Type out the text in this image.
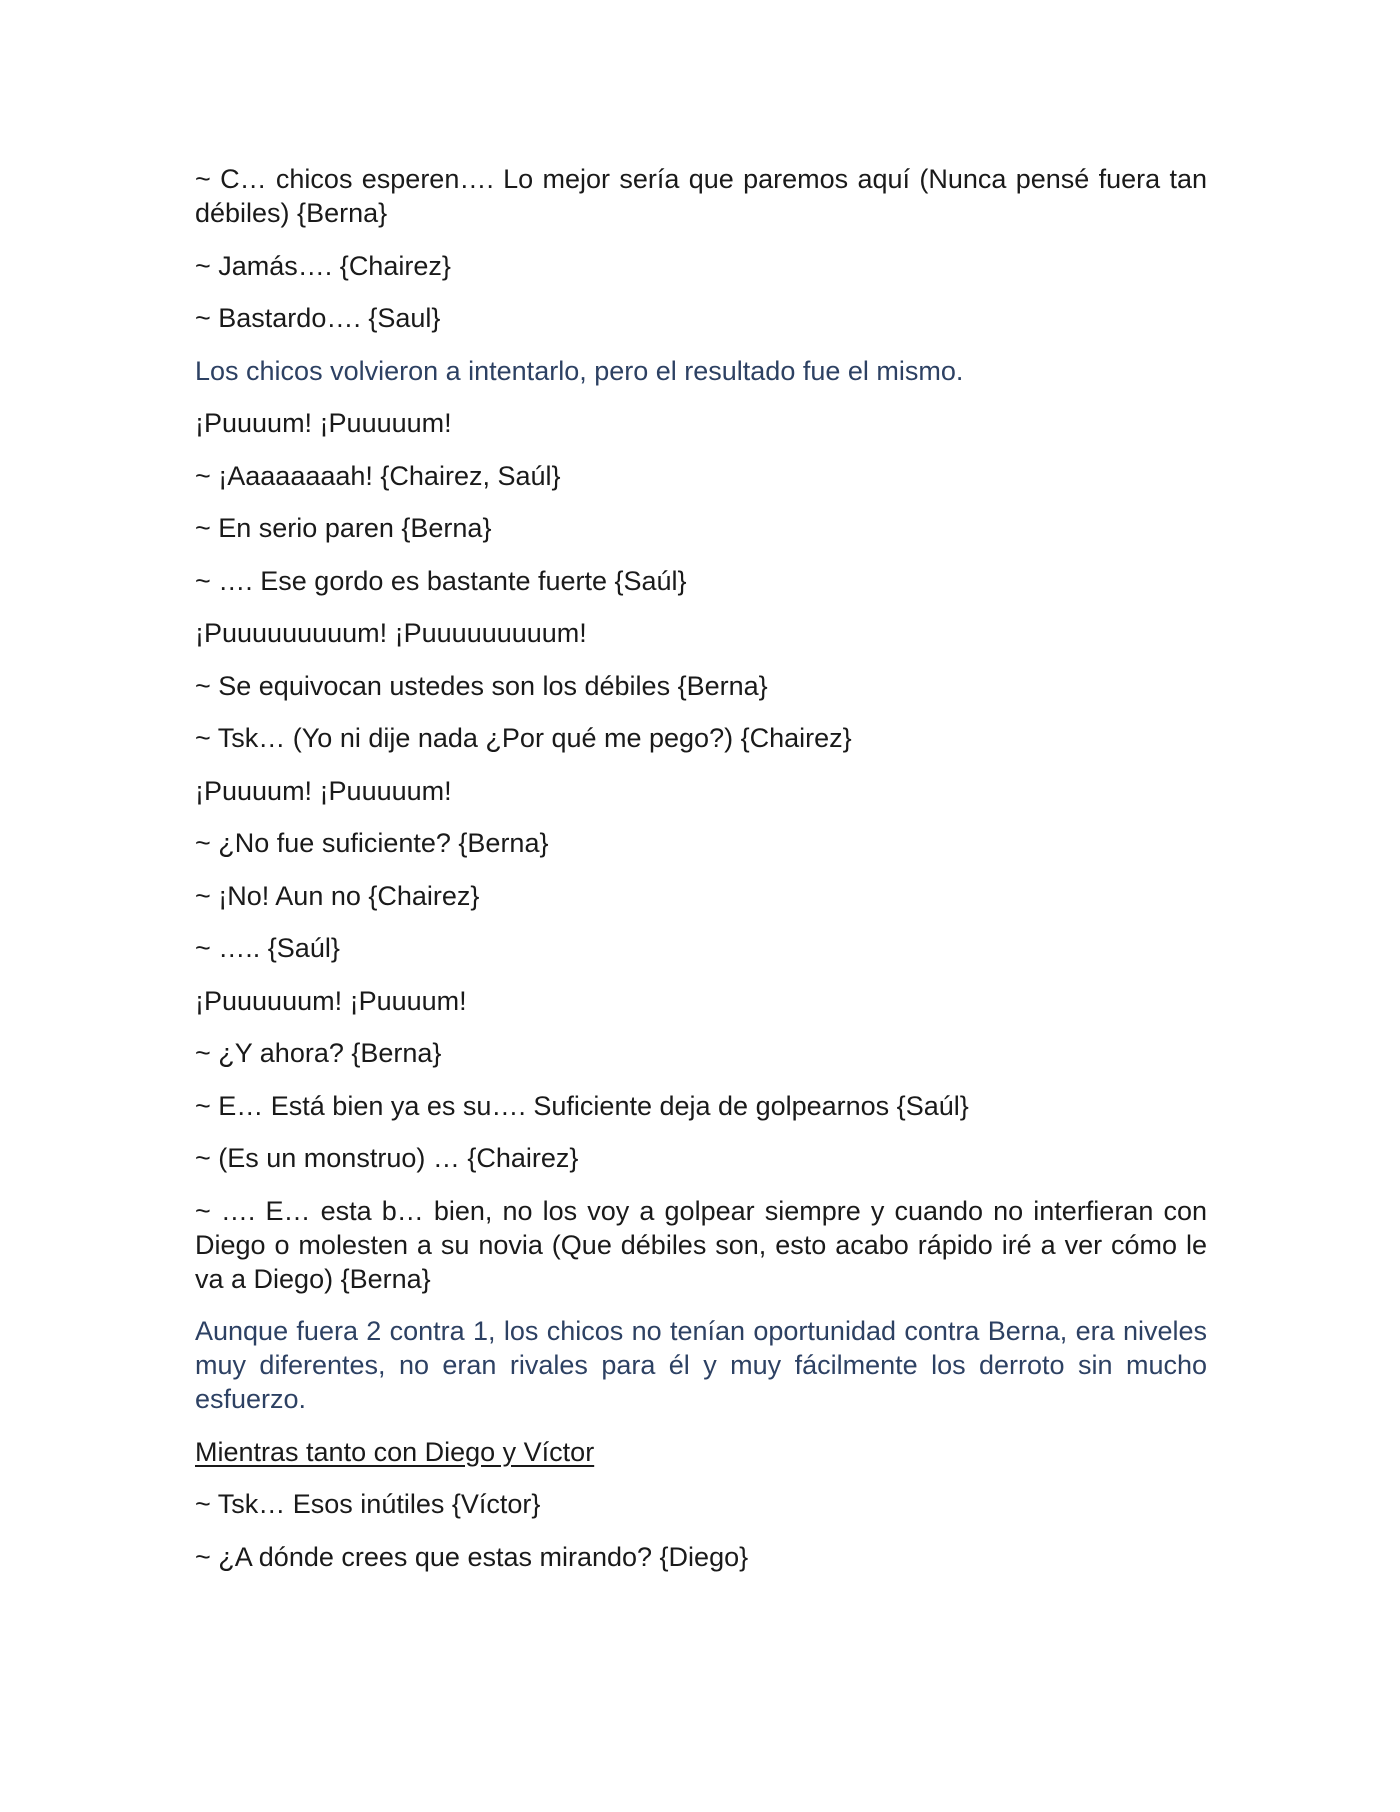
~ C… chicos esperen…. Lo mejor sería que paremos aquí (Nunca pensé fuera tan débiles) {Berna}

~ Jamás…. {Chairez}

~ Bastardo…. {Saul}

Los chicos volvieron a intentarlo, pero el resultado fue el mismo.

¡Puuuum! ¡Puuuuum!

~ ¡Aaaaaaaah! {Chairez, Saúl}

~ En serio paren {Berna}

~ …. Ese gordo es bastante fuerte {Saúl}

¡Puuuuuuuuum! ¡Puuuuuuuuum!

~ Se equivocan ustedes son los débiles {Berna}

~ Tsk… (Yo ni dije nada ¿Por qué me pego?) {Chairez}

¡Puuuum! ¡Puuuuum!

~ ¿No fue suficiente? {Berna}

~ ¡No! Aun no {Chairez}

~ ….. {Saúl}

¡Puuuuuum! ¡Puuuum!

~ ¿Y ahora? {Berna}

~ E… Está bien ya es su…. Suficiente deja de golpearnos {Saúl}

~ (Es un monstruo) … {Chairez}

~ …. E… esta b… bien, no los voy a golpear siempre y cuando no interfieran con Diego o molesten a su novia (Que débiles son, esto acabo rápido iré a ver cómo le va a Diego) {Berna}

Aunque fuera 2 contra 1, los chicos no tenían oportunidad contra Berna, era niveles muy diferentes, no eran rivales para él y muy fácilmente los derroto sin mucho esfuerzo.

Mientras tanto con Diego y Víctor

~ Tsk… Esos inútiles {Víctor}

~ ¿A dónde crees que estas mirando? {Diego}
